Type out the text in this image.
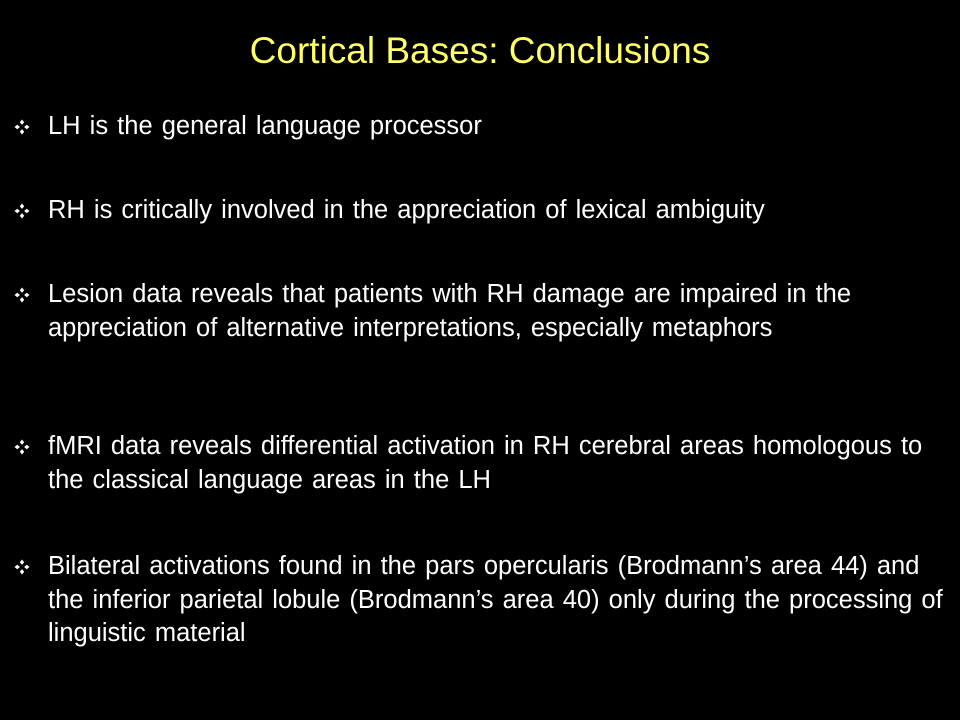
Cortical Bases: Conclusions
LH is the general language processor
RH is critically involved in the appreciation of lexical ambiguity
Lesion data reveals that patients with RH damage are impaired in the appreciation of alternative interpretations, especially metaphors
fMRI data reveals differential activation in RH cerebral areas homologous to the classical language areas in the LH
Bilateral activations found in the pars opercularis (Brodmann’s area 44) and the inferior parietal lobule (Brodmann’s area 40) only during the processing of linguistic material
